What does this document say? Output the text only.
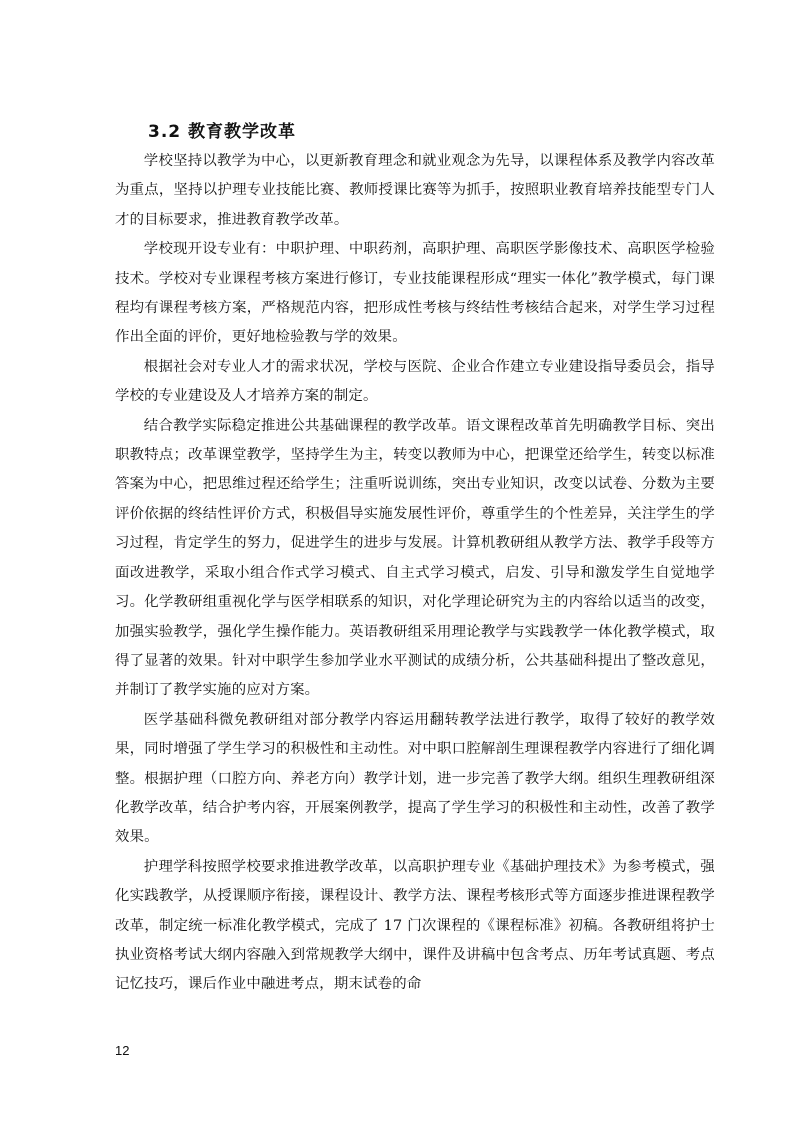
3.2 教育教学改革

学校坚持以教学为中心，以更新教育理念和就业观念为先导，以课程体系及教学内容改革为重点，坚持以护理专业技能比赛、教师授课比赛等为抓手，按照职业教育培养技能型专门人才的目标要求，推进教育教学改革。

学校现开设专业有：中职护理、中职药剂，高职护理、高职医学影像技术、高职医学检验技术。学校对专业课程考核方案进行修订，专业技能课程形成“理实一体化”教学模式，每门课程均有课程考核方案，严格规范内容，把形成性考核与终结性考核结合起来，对学生学习过程作出全面的评价，更好地检验教与学的效果。

根据社会对专业人才的需求状况，学校与医院、企业合作建立专业建设指导委员会，指导学校的专业建设及人才培养方案的制定。

结合教学实际稳定推进公共基础课程的教学改革。语文课程改革首先明确教学目标、突出职教特点；改革课堂教学，坚持学生为主，转变以教师为中心，把课堂还给学生，转变以标准答案为中心，把思维过程还给学生；注重听说训练，突出专业知识，改变以试卷、分数为主要评价依据的终结性评价方式，积极倡导实施发展性评价，尊重学生的个性差异，关注学生的学习过程，肯定学生的努力，促进学生的进步与发展。计算机教研组从教学方法、教学手段等方面改进教学，采取小组合作式学习模式、自主式学习模式，启发、引导和激发学生自觉地学习。化学教研组重视化学与医学相联系的知识，对化学理论研究为主的内容给以适当的改变，加强实验教学，强化学生操作能力。英语教研组采用理论教学与实践教学一体化教学模式，取得了显著的效果。针对中职学生参加学业水平测试的成绩分析，公共基础科提出了整改意见，并制订了教学实施的应对方案。

医学基础科微免教研组对部分教学内容运用翻转教学法进行教学，取得了较好的教学效果，同时增强了学生学习的积极性和主动性。对中职口腔解剖生理课程教学内容进行了细化调整。根据护理（口腔方向、养老方向）教学计划，进一步完善了教学大纲。组织生理教研组深化教学改革，结合护考内容，开展案例教学，提高了学生学习的积极性和主动性，改善了教学效果。

护理学科按照学校要求推进教学改革，以高职护理专业《基础护理技术》为参考模式，强化实践教学，从授课顺序衔接，课程设计、教学方法、课程考核形式等方面逐步推进课程教学改革，制定统一标准化教学模式，完成了 17 门次课程的《课程标准》初稿。各教研组将护士执业资格考试大纲内容融入到常规教学大纲中，课件及讲稿中包含考点、历年考试真题、考点记忆技巧，课后作业中融进考点，期末试卷的命

12
